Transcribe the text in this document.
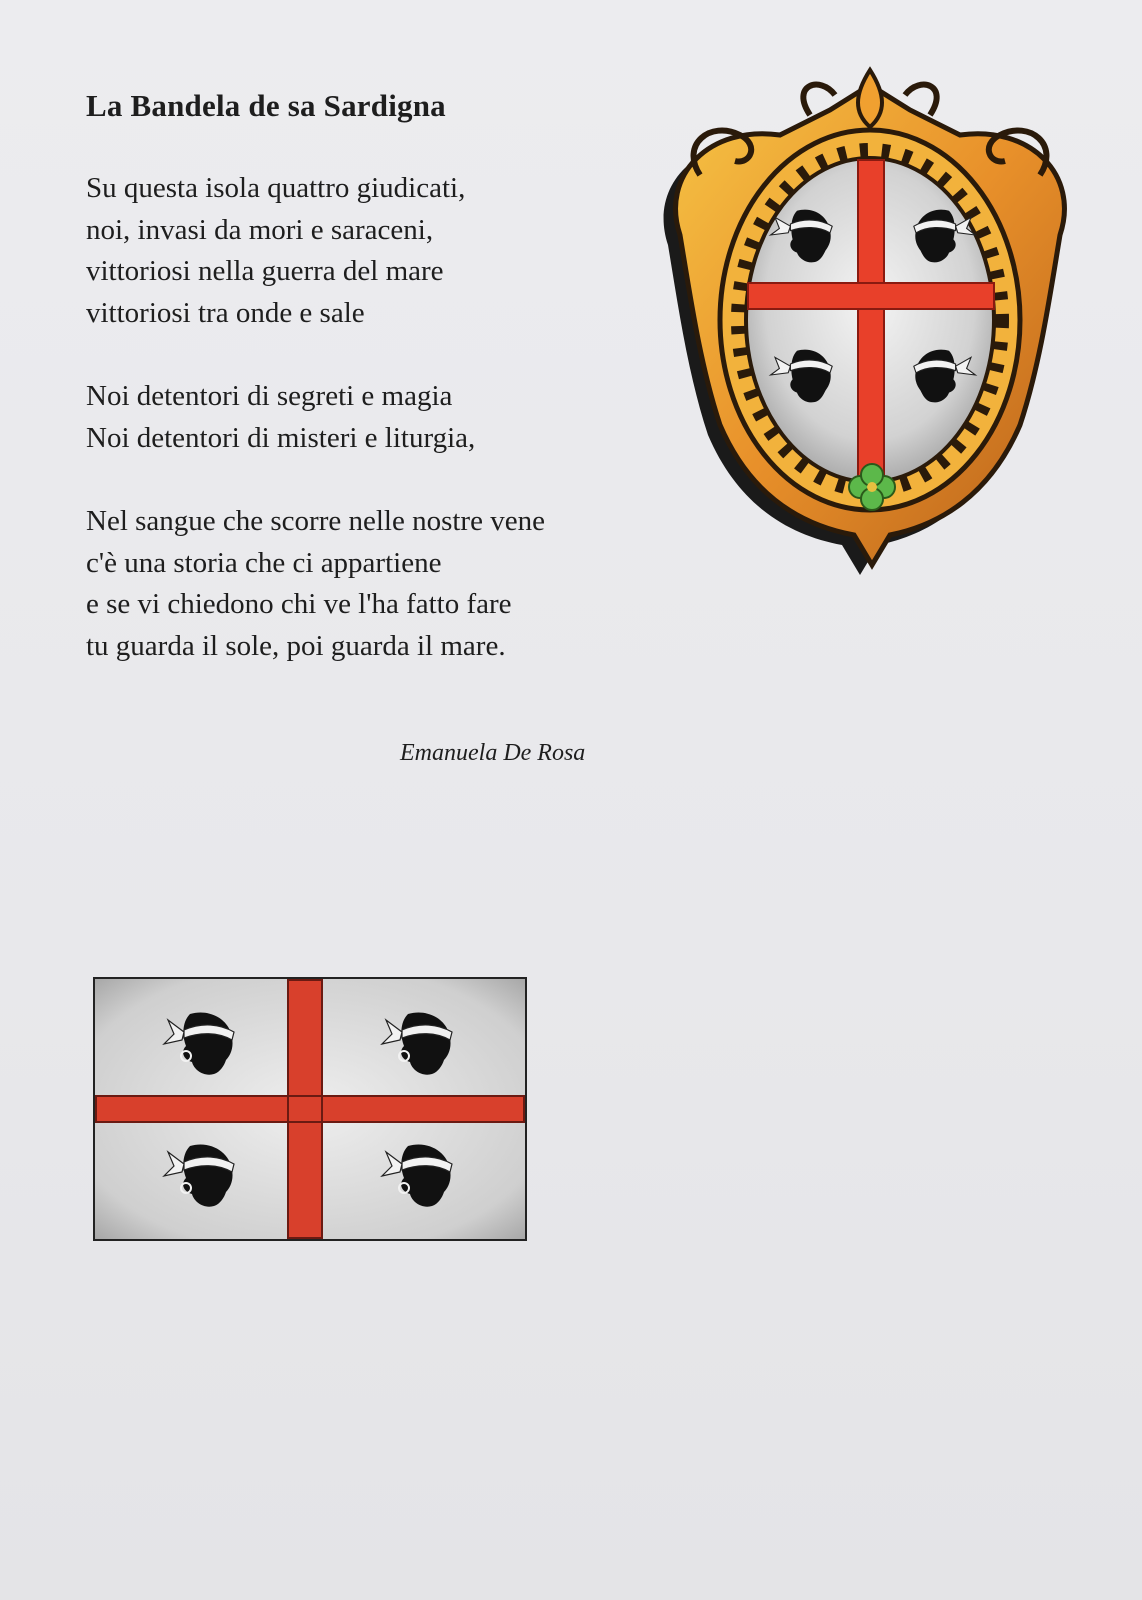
La Bandela de sa Sardigna
Su questa isola quattro giudicati,
noi, invasi da mori e saraceni,
vittoriosi nella guerra del mare
vittoriosi tra onde e sale
Noi detentori di segreti e magia
Noi detentori di misteri e liturgia,
Nel sangue che scorre nelle nostre vene
c'è una storia che ci appartiene
e se vi chiedono chi ve l'ha fatto fare
tu guarda il sole, poi guarda il mare.
Emanuela De Rosa
